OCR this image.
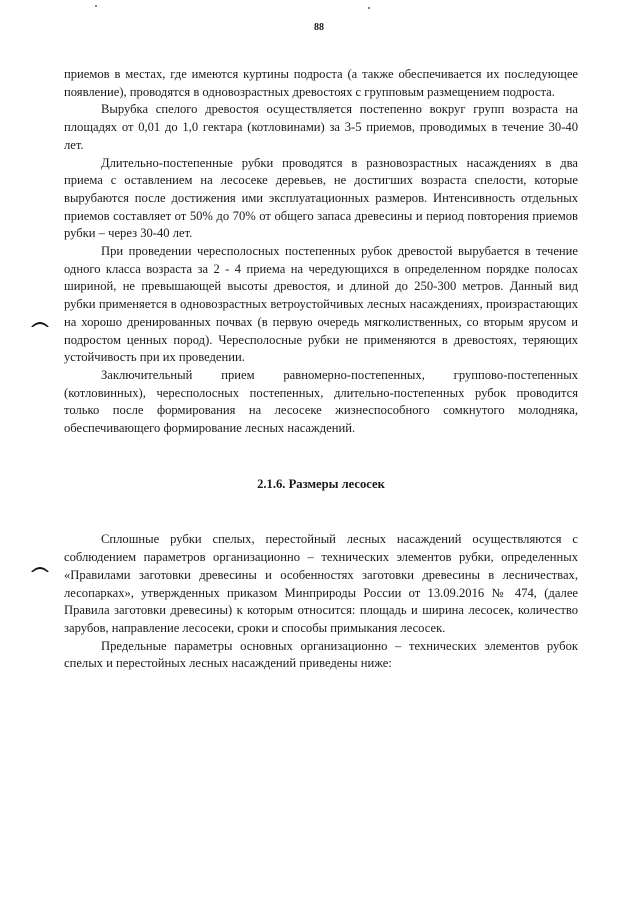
88

приемов в местах, где имеются куртины подроста (а также обеспечивается их последующее появление), проводятся в одновозрастных древостоях с групповым размещением подроста.

Вырубка спелого древостоя осуществляется постепенно вокруг групп возраста на площадях от 0,01 до 1,0 гектара (котловинами) за 3-5 приемов, проводимых в течение 30-40 лет.

Длительно-постепенные рубки проводятся в разновозрастных насаждениях в два приема с оставлением на лесосеке деревьев, не достигших возраста спелости, которые вырубаются после достижения ими эксплуатационных размеров. Интенсивность отдельных приемов составляет от 50% до 70% от общего запаса древесины и период повторения приемов рубки – через 30-40 лет.

При проведении чересполосных постепенных рубок древостой вырубается в течение одного класса возраста за 2 - 4 приема на чередующихся в определенном порядке полосах шириной, не превышающей высоты древостоя, и длиной до 250-300 метров. Данный вид рубки применяется в одновозрастных ветроустойчивых лесных насаждениях, произрастающих на хорошо дренированных почвах (в первую очередь мягколиственных, со вторым ярусом и подростом ценных пород). Чересполосные рубки не применяются в древостоях, теряющих устойчивость при их проведении.

Заключительный прием равномерно-постепенных, группово-постепенных (котловинных), чересполосных постепенных, длительно-постепенных рубок проводится только после формирования на лесосеке жизнеспособного сомкнутого молодняка, обеспечивающего формирование лесных насаждений.

2.1.6. Размеры лесосек

Сплошные рубки спелых, перестойный лесных насаждений осуществляются с соблюдением параметров организационно – технических элементов рубки, определенных «Правилами заготовки древесины и особенностях заготовки древесины в лесничествах, лесопарках», утвержденных приказом Минприроды России от 13.09.2016 № 474, (далее Правила заготовки древесины) к которым относится: площадь и ширина лесосек, количество зарубов, направление лесосеки, сроки и способы примыкания лесосек.

Предельные параметры основных организационно – технических элементов рубок спелых и перестойных лесных насаждений приведены ниже:
